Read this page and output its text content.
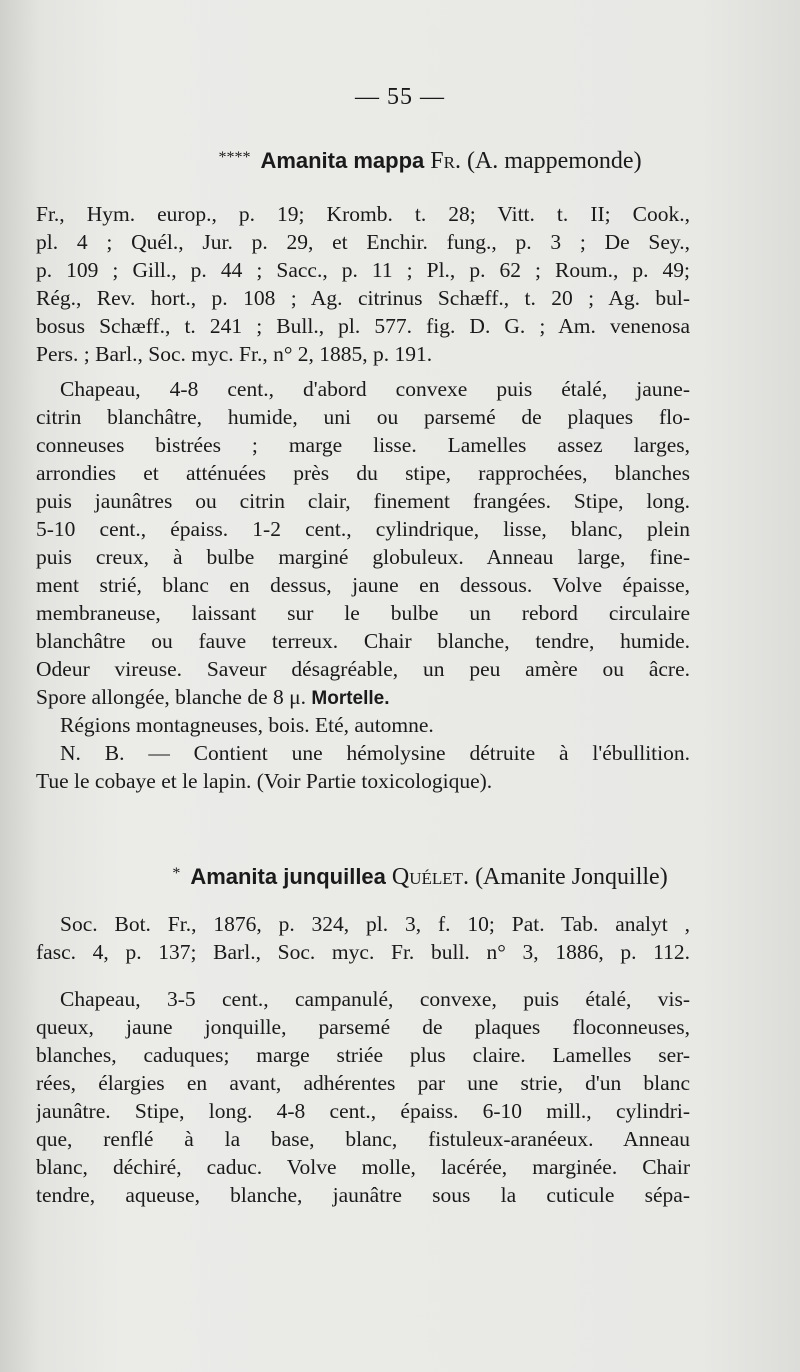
— 55 —
**** Amanita mappa Fr. (A. mappemonde)
Fr., Hym. europ., p. 19; Kromb. t. 28; Vitt. t. II; Cook.,
pl. 4 ; Quél., Jur. p. 29, et Enchir. fung., p. 3 ; De Sey.,
p. 109 ; Gill., p. 44 ; Sacc., p. 11 ; Pl., p. 62 ; Roum., p. 49;
Rég., Rev. hort., p. 108 ; Ag. citrinus Schæff., t. 20 ; Ag. bul-
bosus Schæff., t. 241 ; Bull., pl. 577. fig. D. G. ; Am. venenosa
Pers. ; Barl., Soc. myc. Fr., n° 2, 1885, p. 191.
Chapeau, 4-8 cent., d'abord convexe puis étalé, jaune-
citrin blanchâtre, humide, uni ou parsemé de plaques flo-
conneuses bistrées ; marge lisse. Lamelles assez larges,
arrondies et atténuées près du stipe, rapprochées, blanches
puis jaunâtres ou citrin clair, finement frangées. Stipe, long.
5-10 cent., épaiss. 1-2 cent., cylindrique, lisse, blanc, plein
puis creux, à bulbe marginé globuleux. Anneau large, fine-
ment strié, blanc en dessus, jaune en dessous. Volve épaisse,
membraneuse, laissant sur le bulbe un rebord circulaire
blanchâtre ou fauve terreux. Chair blanche, tendre, humide.
Odeur vireuse. Saveur désagréable, un peu amère ou âcre.
Spore allongée, blanche de 8 μ. Mortelle.
Régions montagneuses, bois. Eté, automne.
N. B. — Contient une hémolysine détruite à l'ébullition.
Tue le cobaye et le lapin. (Voir Partie toxicologique).
* Amanita junquillea Quélet. (Amanite Jonquille)
Soc. Bot. Fr., 1876, p. 324, pl. 3, f. 10; Pat. Tab. analyt ,
fasc. 4, p. 137; Barl., Soc. myc. Fr. bull. n° 3, 1886, p. 112.
Chapeau, 3-5 cent., campanulé, convexe, puis étalé, vis-
queux, jaune jonquille, parsemé de plaques floconneuses,
blanches, caduques; marge striée plus claire. Lamelles ser-
rées, élargies en avant, adhérentes par une strie, d'un blanc
jaunâtre. Stipe, long. 4-8 cent., épaiss. 6-10 mill., cylindri-
que, renflé à la base, blanc, fistuleux-aranéeux. Anneau
blanc, déchiré, caduc. Volve molle, lacérée, marginée. Chair
tendre, aqueuse, blanche, jaunâtre sous la cuticule sépa-
